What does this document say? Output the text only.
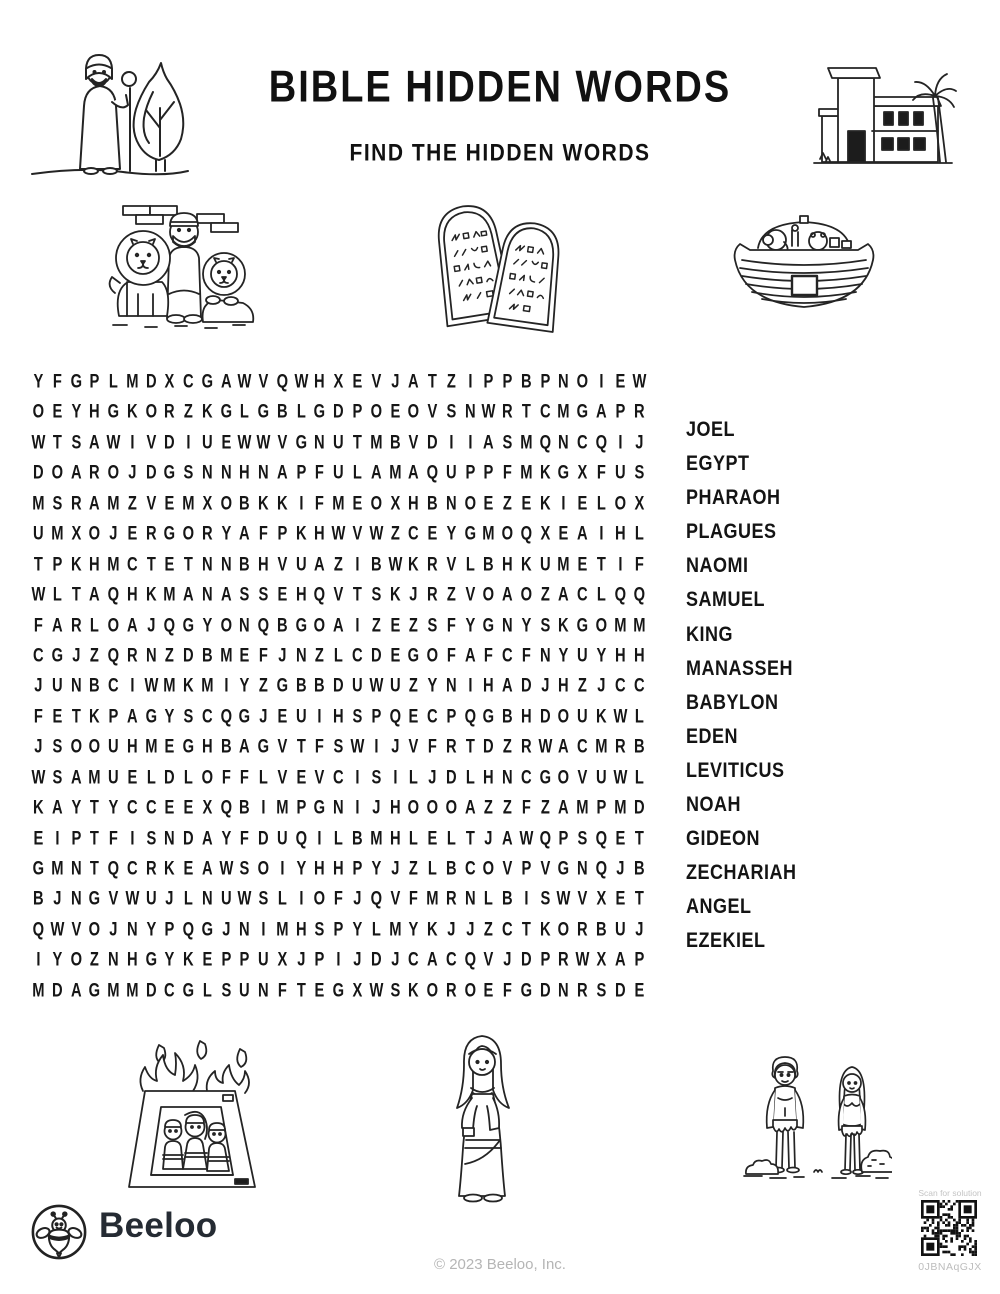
BIBLE HIDDEN WORDS
FIND THE HIDDEN WORDS
Y F G P L M D X C G A W V Q W H X E V J A T Z I P P B P N O I E W
O E Y H G K O R Z K G L G B L G D P O E O V S N W R T C M G A P R
W T S A W I V D I U E W W V G N U T M B V D I I A S M Q N C Q I J
D O A R O J D G S N N H N A P F U L A M A Q U P P F M K G X F U S
M S R A M Z V E M X O B K K I F M E O X H B N O E Z E K I E L O X
U M X O J E R G O R Y A F P K H W V W Z C E Y G M O Q X E A I H L
T P K H M C T E T N N B H V U A Z I B W K R V L B H K U M E T I F
W L T A Q H K M A N A S S E H Q V T S K J R Z V O A O Z A C L Q Q
F A R L O A J Q G Y O N Q B G O A I Z E Z S F Y G N Y S K G O M M
C G J Z Q R N Z D B M E F J N Z L C D E G O F A F C F N Y U Y H H
J U N B C I W M K M I Y Z G B B D U W U Z Y N I H A D J H Z J C C
F E T K P A G Y S C Q G J E U I H S P Q E C P Q G B H D O U K W L
J S O O U H M E G H B A G V T F S W I J V F R T D Z R W A C M R B
W S A M U E L D L O F F L V E V C I S I L J D L H N C G O V U W L
K A Y T Y C C E E X Q B I M P G N I J H O O O A Z Z F Z A M P M D
E I P T F I S N D A Y F D U Q I L B M H L E L T J A W Q P S Q E T
G M N T Q C R K E A W S O I Y H H P Y J Z L B C O V P V G N Q J B
B J N G V W U J L N U W S L I O F J Q V F M R N L B I S W V X E T
Q W V O J N Y P Q G J N I M H S P Y L M Y K J J Z C T K O R B U J
I Y O Z N H G Y K E P P U X J P I J D J C A C Q V J D P R W X A P
M D A G M M D C G L S U N F T E G X W S K O R O E F G D N R S D E
JOEL
EGYPT
PHARAOH
PLAGUES
NAOMI
SAMUEL
KING
MANASSEH
BABYLON
EDEN
LEVITICUS
NOAH
GIDEON
ZECHARIAH
ANGEL
EZEKIEL
Beeloo
© 2023 Beeloo, Inc.
Scan for solution
0JBNAqGJX
